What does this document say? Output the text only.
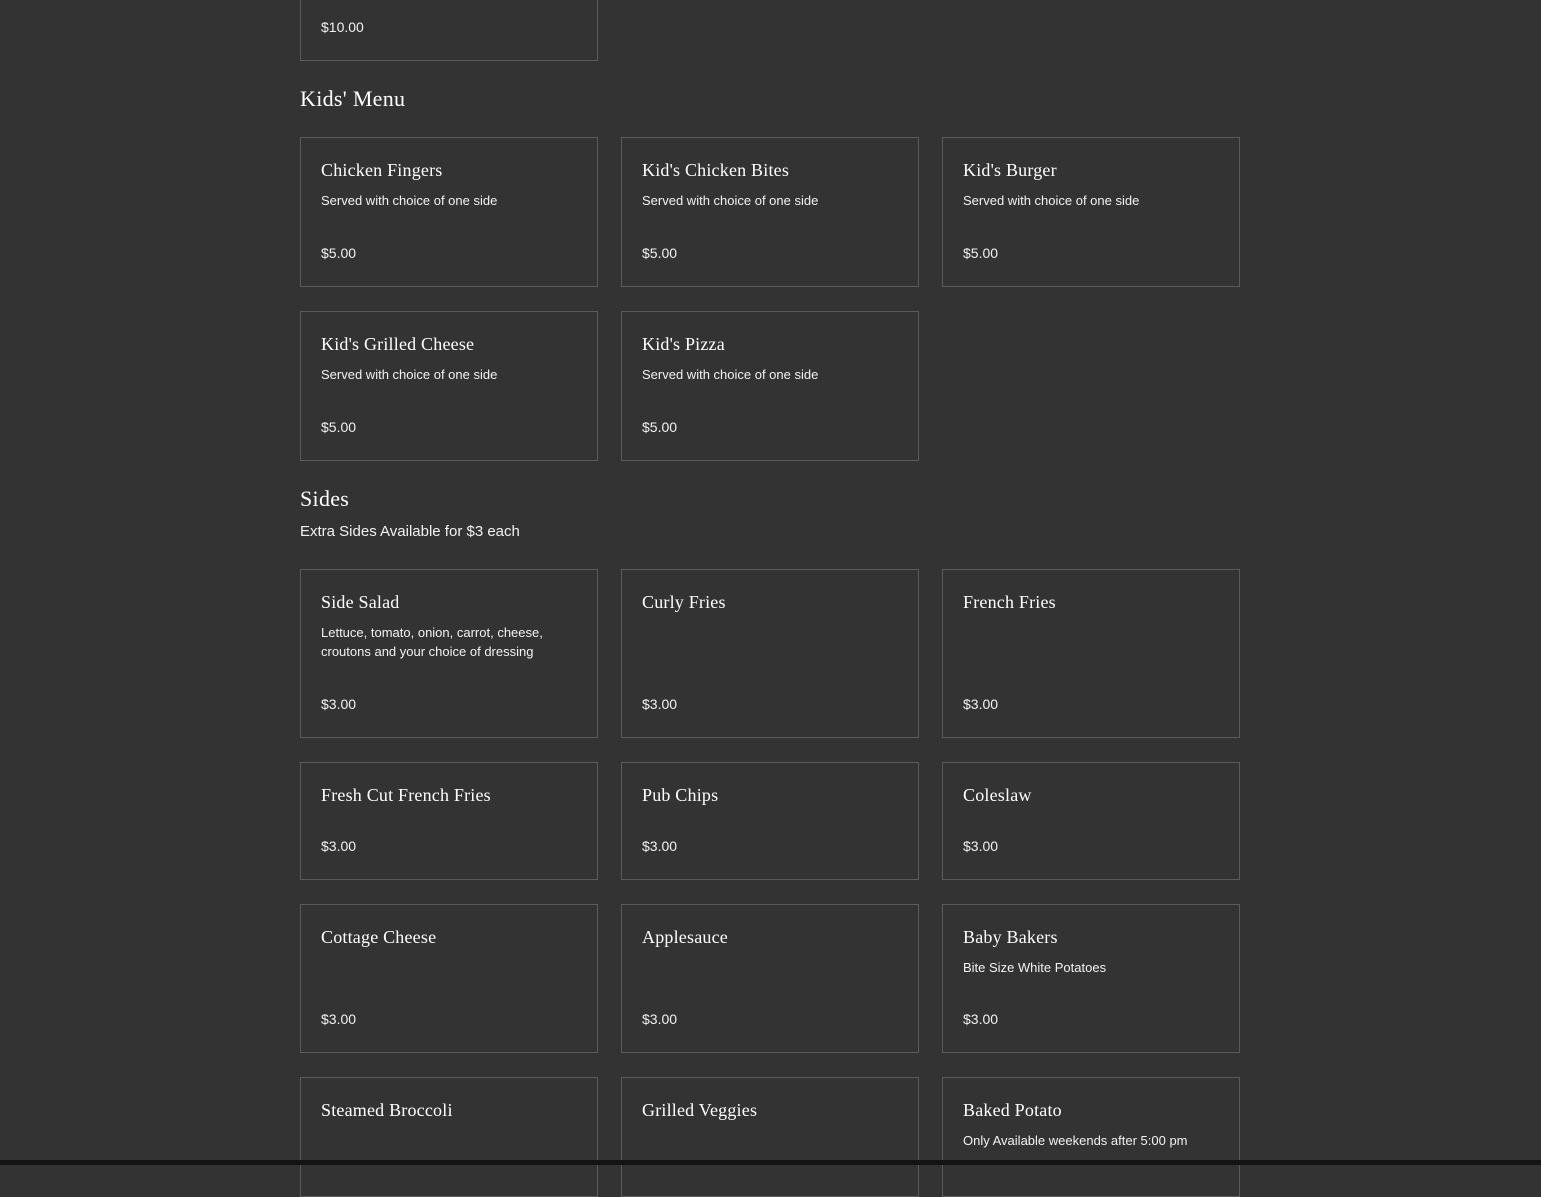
$10.00
Kids' Menu
Chicken Fingers
Served with choice of one side
$5.00
Kid's Chicken Bites
Served with choice of one side
$5.00
Kid's Burger
Served with choice of one side
$5.00
Kid's Grilled Cheese
Served with choice of one side
$5.00
Kid's Pizza
Served with choice of one side
$5.00
Sides
Extra Sides Available for $3 each
Side Salad
Lettuce, tomato, onion, carrot, cheese, croutons and your choice of dressing
$3.00
Curly Fries
$3.00
French Fries
$3.00
Fresh Cut French Fries
$3.00
Pub Chips
$3.00
Coleslaw
$3.00
Cottage Cheese
$3.00
Applesauce
$3.00
Baby Bakers
Bite Size White Potatoes
$3.00
Steamed Broccoli	Grilled Veggies	Baked Potato
Only Available weekends after 5:00 pm
